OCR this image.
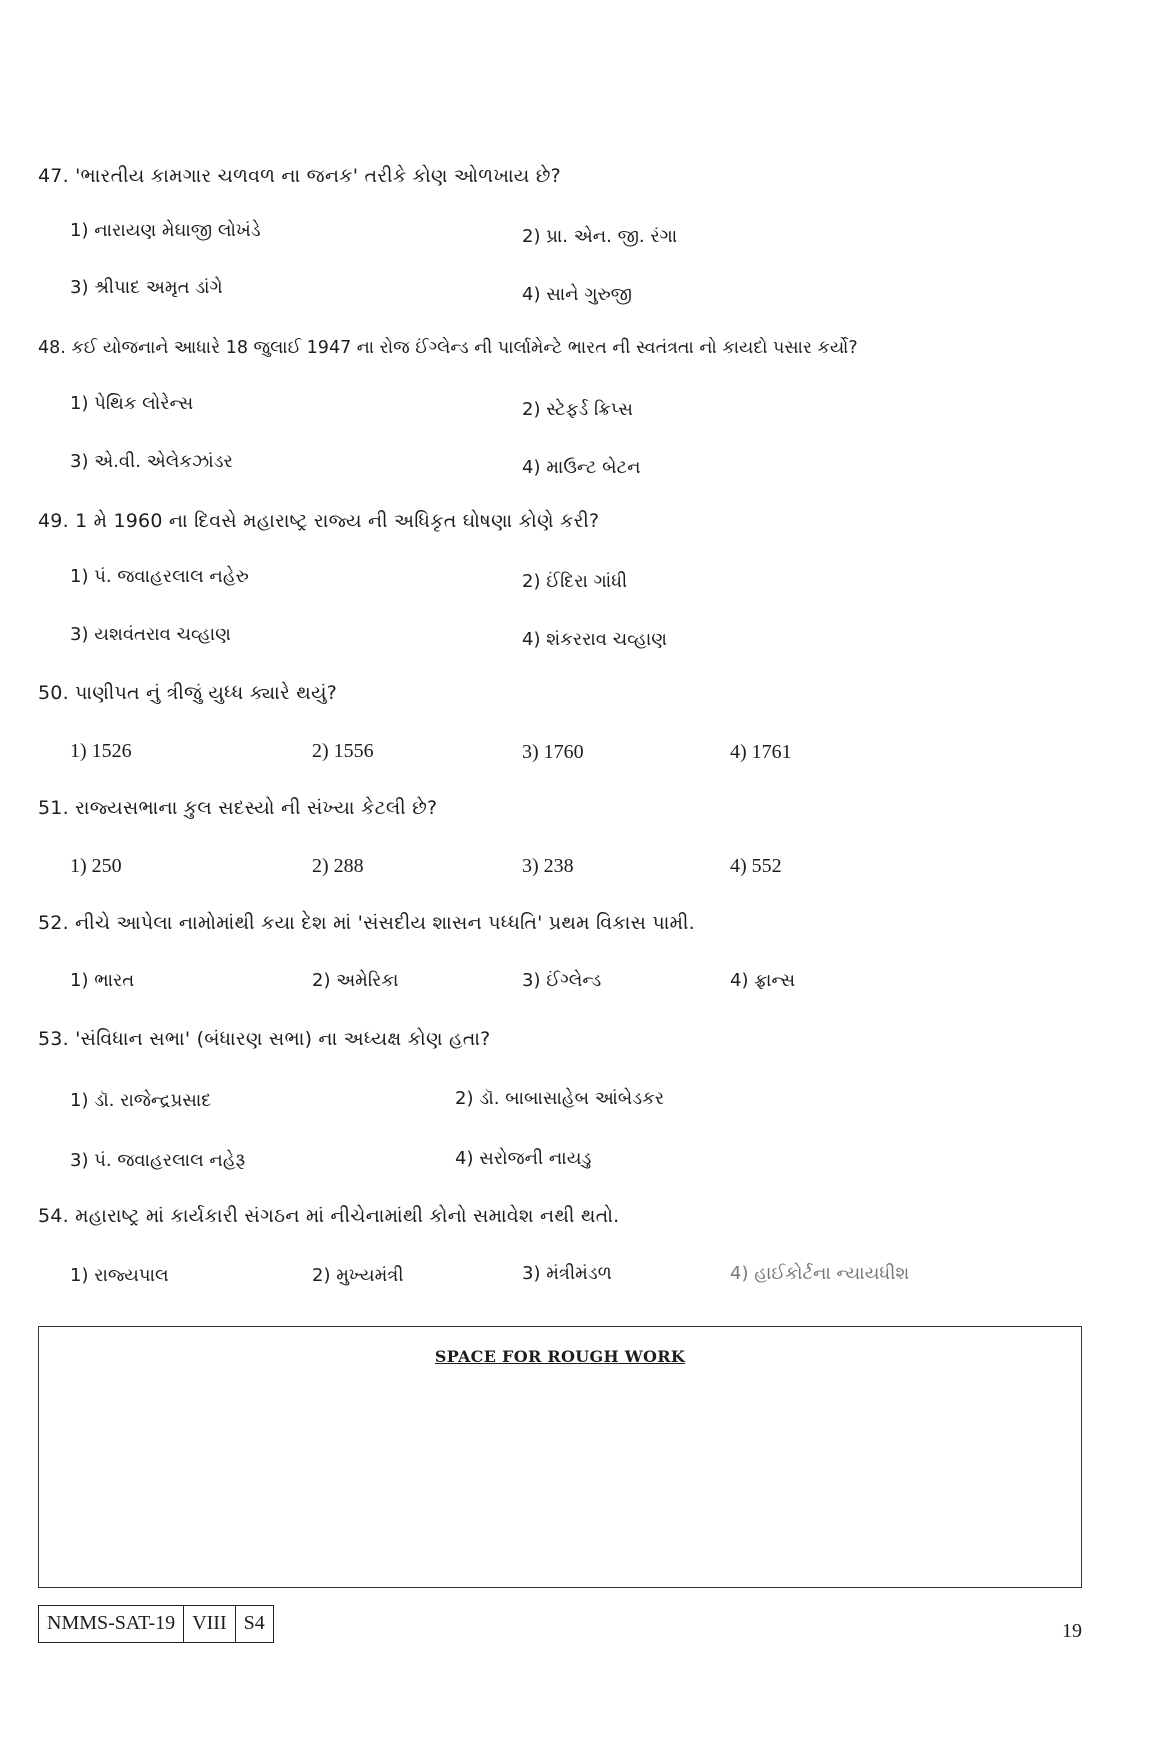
47. 'ભારતીય કામગાર ચળવળ ના જનક' તરીકે કોણ ઓળખાય છે?
1) નારાયણ મેઘાજી લોખંડે	2) પ્રા. એન. જી. રંગા
3) શ્રીપાદ અમૃત ડાંગે	4) સાને ગુરુજી
48. કઈ યોજનાને આધારે 18 જુલાઈ 1947 ના રોજ ઈંગ્લેન્ડ ની પાર્લામેન્ટે ભારત ની સ્વતંત્રતા નો કાયદો પસાર કર્યો?
1) પેથિક લોરેન્સ	2) સ્ટેફર્ડ ક્રિપ્સ
3) એ.વી. એલેકઝાંડર	4) માઉન્ટ બેટન
49. 1 મે 1960 ના દિવસે મહારાષ્ટ્ર રાજ્ય ની અધિકૃત ઘોષણા કોણે કરી?
1) પં. જવાહરલાલ નહેરુ	2) ઈંદિરા ગાંધી
3) યશવંતરાવ ચવ્હાણ	4) શંકરરાવ ચવ્હાણ
50. પાણીપત નું ત્રીજું યુધ્ધ ક્યારે થયું?
1) 1526	2) 1556	3) 1760	4) 1761
51. રાજ્યસભાના કુલ સદસ્યો ની સંખ્યા કેટલી છે?
1) 250	2) 288	3) 238	4) 552
52. નીચે આપેલા નામોમાંથી કયા દેશ માં 'સંસદીય શાસન પધ્ધતિ' પ્રથમ વિકાસ પામી.
1) ભારત	2) અમેરિકા	3) ઈંગ્લેન્ડ	4) ફ્રાન્સ
53. 'સંવિધાન સભા' (બંધારણ સભા) ના અધ્યક્ષ કોણ હતા?
1) ડૉ. રાજેન્દ્રપ્રસાદ	2) ડૉ. બાબાસાહેબ આંબેડકર
3) પં. જવાહરલાલ નહેરૂ	4) સરોજની નાયડુ
54. મહારાષ્ટ્ર માં કાર્યકારી સંગઠન માં નીચેનામાંથી કોનો સમાવેશ નથી થતો.
1) રાજ્યપાલ	2) મુખ્યમંત્રી	3) મંત્રીમંડળ	4) હાઈકોર્ટના ન્યાયધીશ
SPACE FOR ROUGH WORK
NMMS-SAT-19 VIII S4	19
